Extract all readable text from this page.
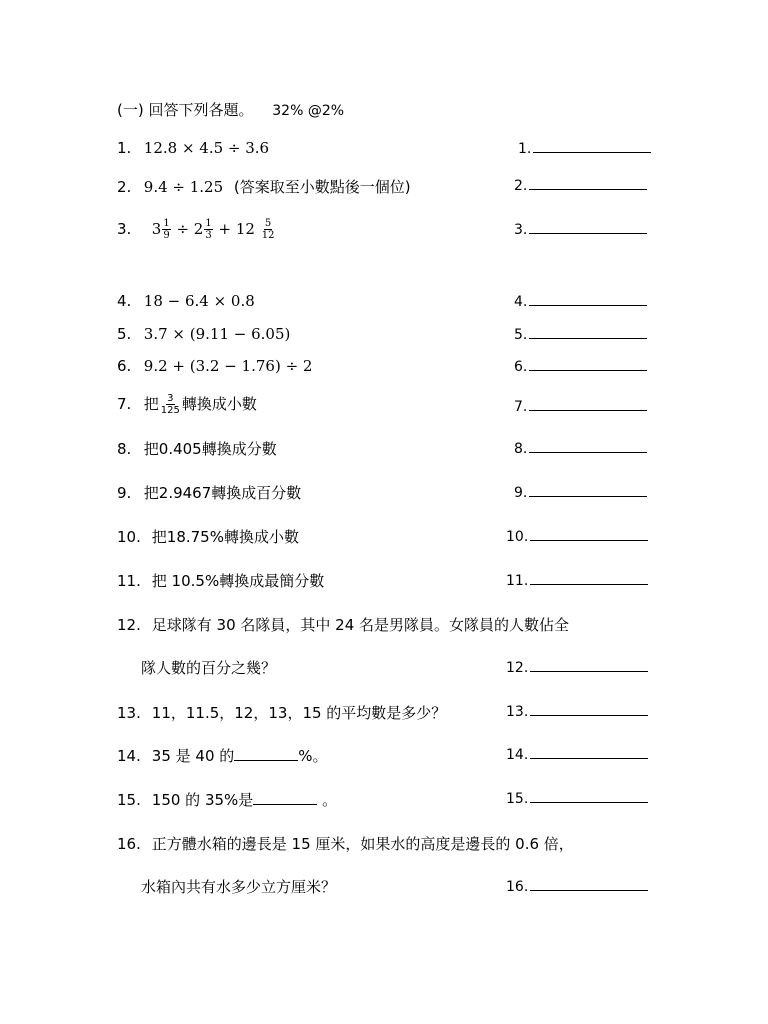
(一) 回答下列各題。 32% @2%
1. 12.8 × 4.5 ÷ 3.6	1.
2. 9.4 ÷ 1.25 (答案取至小數點後一個位)	2.
3. $3 \frac{1}{9} \div 2 \frac{1}{3} + 12 \frac{5}{12}$	3.
4. 18 − 6.4 × 0.8	4.
5. 3.7 × (9.11 − 6.05)	5.
6. 9.2 + (3.2 − 1.76) ÷ 2	6.
7. 把 $\frac{3}{125}$ 轉換成小數	7.
8. 把0.405轉換成分數	8.
9. 把2.9467轉換成百分數	9.
10. 把18.75%轉換成小數	10.
11. 把 10.5%轉換成最簡分數	11.
12. 足球隊有 30 名隊員，其中 24 名是男隊員。女隊員的人數佔全
隊人數的百分之幾？	12.
13. 11，11.5，12，13，15 的平均數是多少？	13.
14. 35 是 40 的	%。	14.
15. 150 的 35%是	。	15.
16. 正方體水箱的邊長是 15 厘米，如果水的高度是邊長的 0.6 倍，
水箱內共有水多少立方厘米？	16.
